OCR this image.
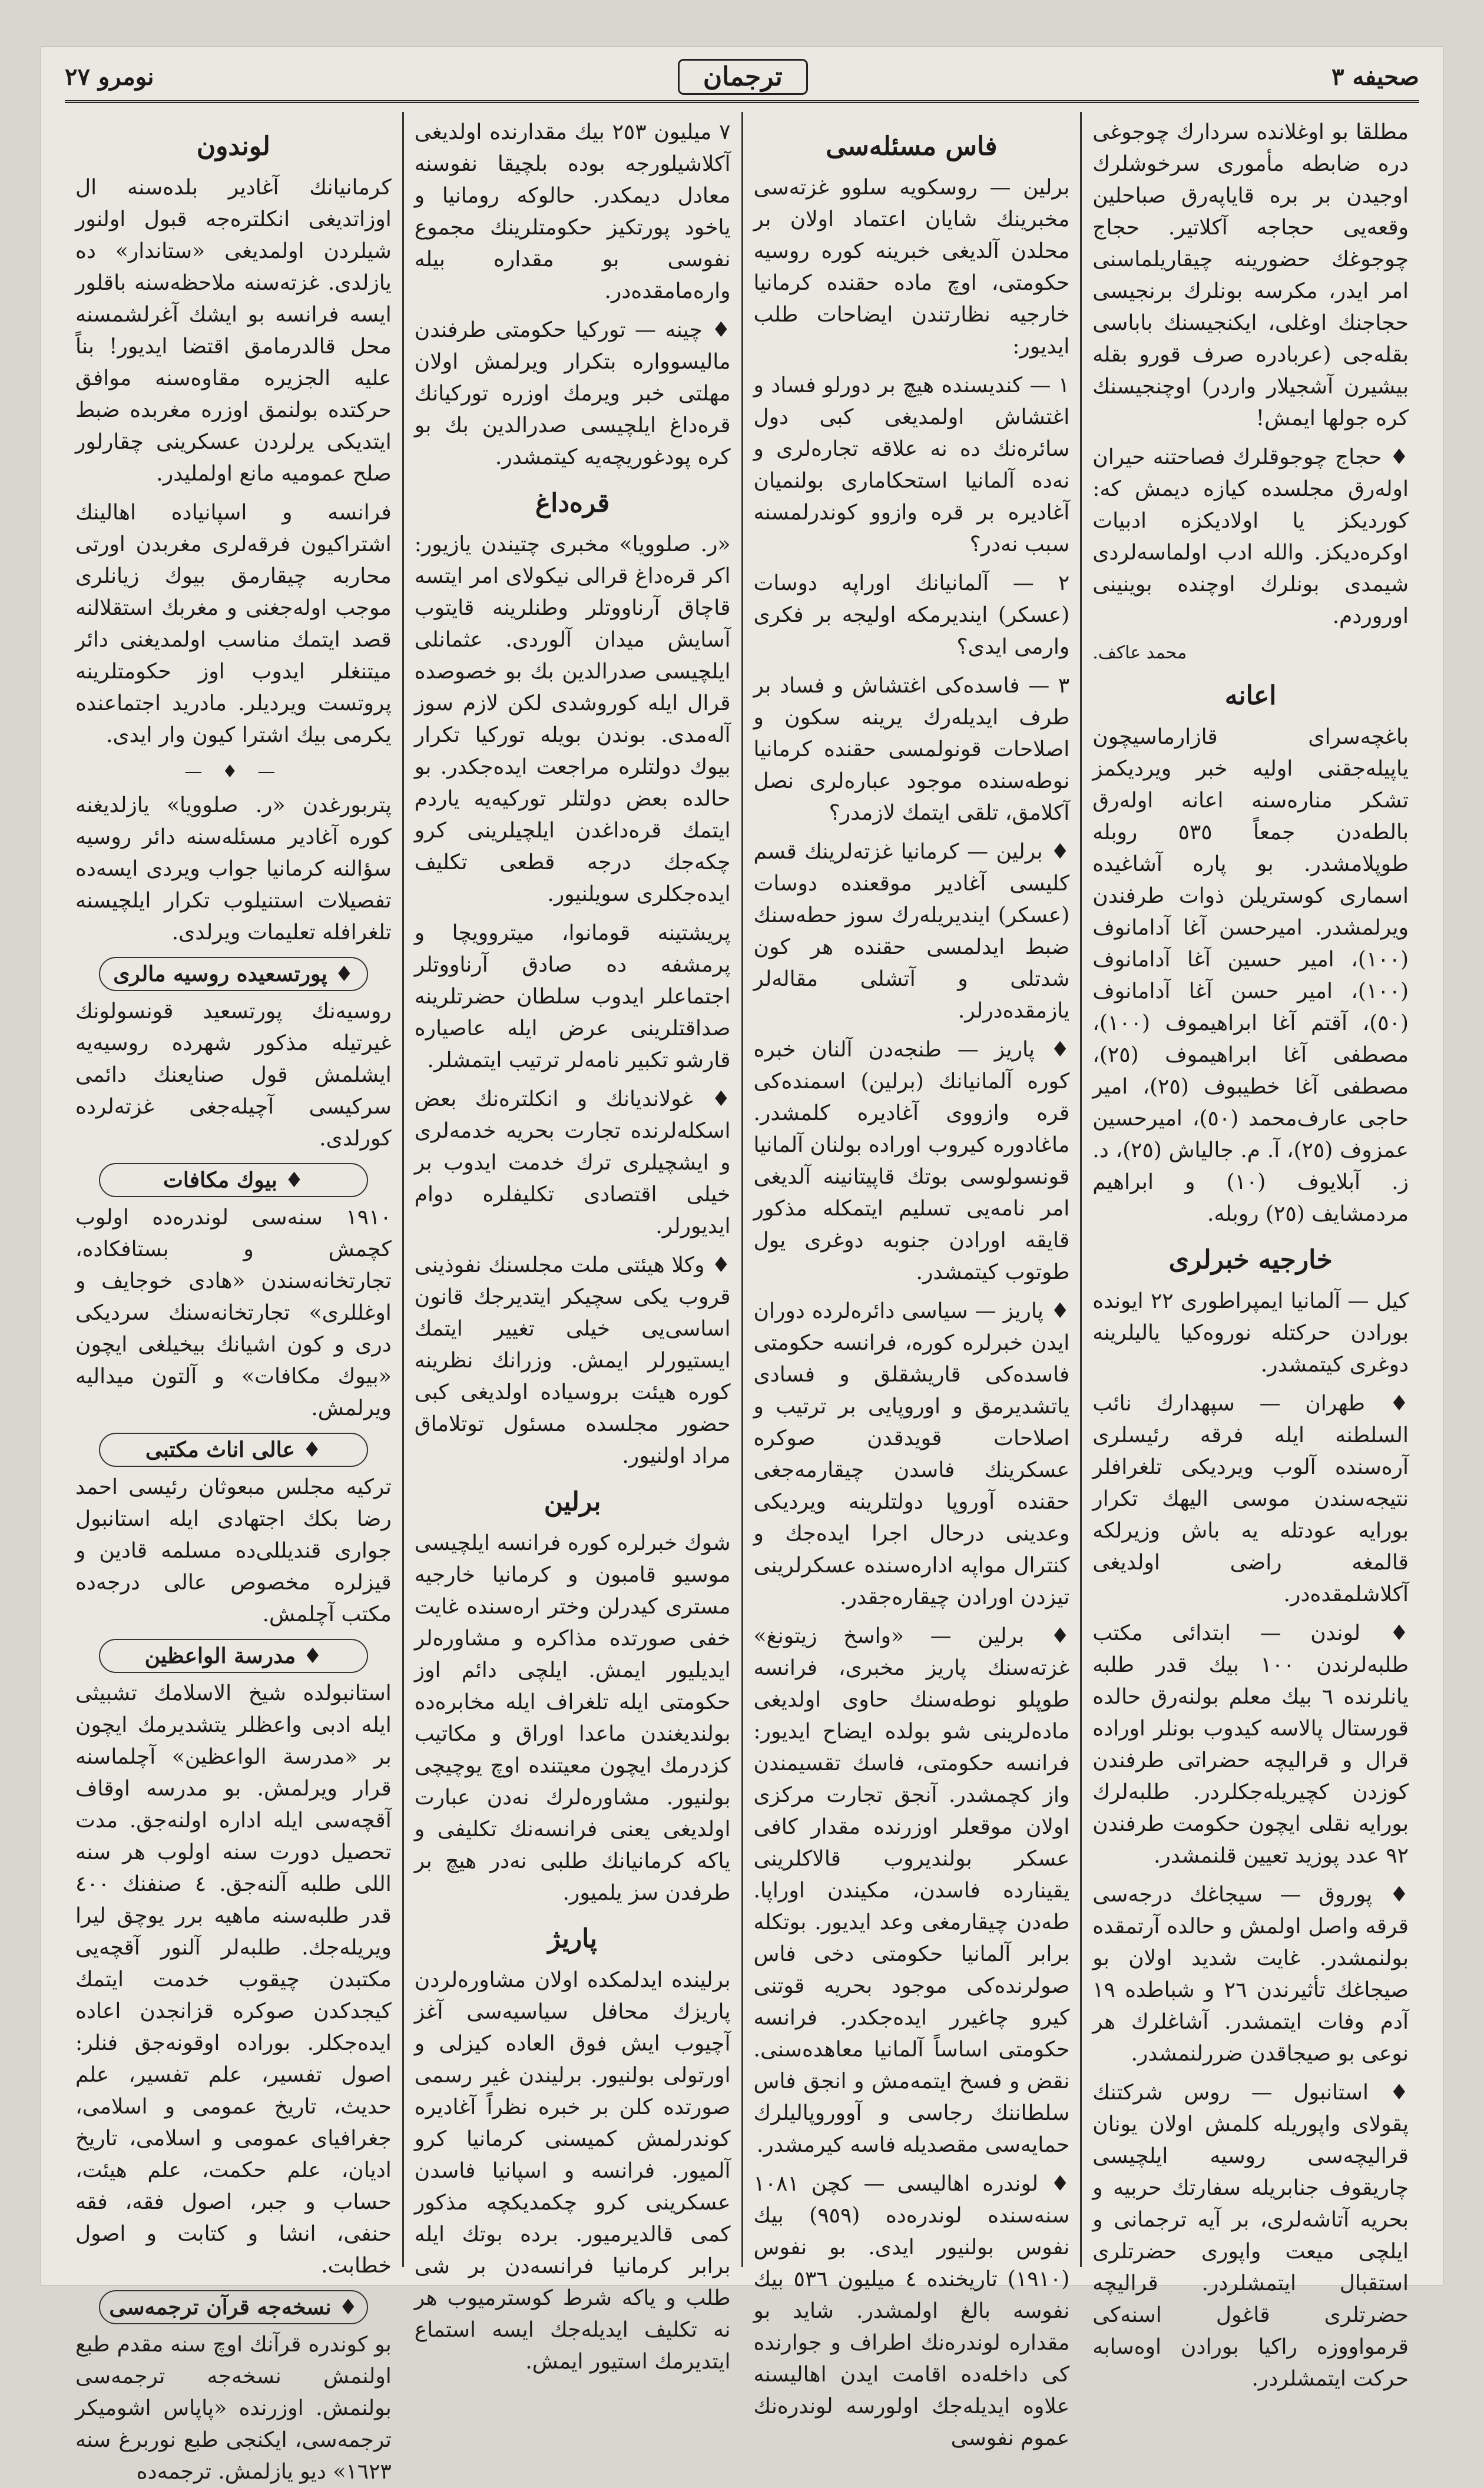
صحیفه ٣
ترجمان
نومرو ٢٧

مطلقا بو اوغلاندە سردارك چوجوغی دره ضابطه مأموری سرخوشلرك اوجیدن بر برە قایاپەرق صباحلین وقعەیی حجاجە آكلاتیر. حجاج چوجوغك حضورینە چیقاریلماسنی امر ایدر، مكرسە بونلرك برنجیسی حجاجنك اوغلی، ایكنجیسنك باباسی بقلەجی (عربادرە صرف قورو بقلە بیشیرن آشجیلار واردر) اوچنجیسنك كرە جولها ایمش!

♦ حجاج چوجوقلرك فصاحتنه حیران اولەرق مجلسدە كیازە دیمش كە: كوردیكز یا اولادیكزە ادبیات اوكرەدیكز. واللە ادب اولماسەلردی شیمدی بونلرك اوچندە بوینینی اوروردم.

محمد عاكف.
اعانه

باغچەسرای قازارماسیچون یاپیلەجقنی اولیه خبر ویردیكمز تشكر منارەسنه اعانه اولەرق بالطەدن جمعاً ٥٣٥ روبله طوپلامشدر. بو پارە آشاغیدە اسماری كوستریلن ذوات طرفندن ویرلمشدر. امیرحسن آغا آدامانوف (١٠٠)، امیر حسین آغا آدامانوف (١٠٠)، امیر حسن آغا آدامانوف (٥٠)، آقتم آغا ابراهیموف (١٠٠)، مصطفی آغا ابراهیموف (٢٥)، مصطفی آغا خطیبوف (٢٥)، امیر حاجی عارف‌محمد (٥٠)، امیرحسین عمزوف (٢٥)، آ. م. جالیاش (٢٥)، د. ز. آبلایوف (١٠) و ابراهیم مردمشایف (٢٥) روبله.

خارجیه خبرلری

كیل — آلمانیا ایمپراطوری ٢٢ ایونده بورادن حركتله نوروەكیا یالیلرینه دوغری كیتمشدر.

♦ طهران — سپهدارك نائب السلطنه ایله فرقه رئیسلری آرەسندە آلوب ویردیكی تلغرافلر نتیجەسندن موسی الیهك تكرار بورایه عودتله یە باش وزیرلكه قالمغە راضی اولدیغی آكلاشلمقدەدر.

♦ لوندن — ابتدائی مكتب طلبەلرندن ١٠٠ بیك قدر طلبه یانلرندە ٦ بیك معلم بولنەرق حالدە قورستال پالاسە كیدوب بونلر اورادە قرال و قرالیچە حضراتی طرفندن كوزدن كچیریلەجكلردر. طلبەلرك بورایه نقلی ایچون حكومت طرفندن ٩٢ عدد پوزید تعیین قلنمشدر.

♦ پوروق — سیجاغك درجەسی قرقه واصل اولمش و حالدە آرتمقدە بولنمشدر. غایت شدید اولان بو صیجاغك تأثیرندن ٢٦ و شباطدە ١٩ آدم وفات ایتمشدر. آشاغلرك هر نوعی بو صیجاقدن ضررلنمشدر.

♦ استانبول — روس شركتنك پقولای واپوریلە كلمش اولان یونان قرالیچەسی روسیە ایلچیسی چاریقوف جنابریلە سفارتك حربیه و بحریە آتاشەلری، بر آیه ترجمانی و ایلچی میعت واپوری حضرتلری استقبال ایتمشلردر. قرالیچە حضرتلری قاغول اسنەكی قرمواووزە راكیا بورادن اوەسابە حركت ایتمشلردر.

فاس مسئلەسی

برلین — روسكویە سلوو غزتەسی مخبرینك شایان اعتماد اولان بر محلدن آلدیغی خبرینە كورە روسیە حكومتی، اوچ مادە حقندە كرمانیا خارجیه نظارتندن ایضاحات طلب ایدیور:

١ — كندیسندە هیچ بر دورلو فساد و اغتشاش اولمدیغی كبی دول سائرەنك دە نه علاقە تجارەلری و نەدە آلمانیا استحكاماری بولنمیان آغادیره بر قره وازوو كوندرلمسنه سبب نەدر؟

٢ — آلمانیانك اوراپە دوسات (عسكر) ایندیرمكه اولیجه بر فكری وارمی ایدی؟

٣ — فاسدەكی اغتشاش و فساد بر طرف ایدیلەرك یرینه سكون و اصلاحات قونولمسی حقندە كرمانیا نوطەسندە موجود عبارەلری نصل آكلامق، تلقی ایتمك لازمدر؟

♦ برلین — كرمانیا غزتەلرینك قسم كلیسی آغادیر موقعندە دوسات (عسكر) ایندیریلەرك سوز حطەسنك ضبط ایدلمسی حقندە هر كون شدتلی و آتشلی مقالەلر یازمقدەدرلر.

♦ پاریز — طنجەدن آلنان خبرە كورە آلمانیانك (برلین) اسمندەكی قره وازووی آغادیره كلمشدر. ماغادوره كیروب اورادە بولنان آلمانیا قونسولوسی بوتك قاپیتانینە آلدیغی امر نامەیی تسلیم ایتمكله مذكور قایقه اورادن جنوبه دوغری یول طوتوب كیتمشدر.

♦ پاریز — سیاسی دائرەلردە دوران ایدن خبرلرە كورە، فرانسه حكومتی فاسدەكی قاریشقلق و فسادی یاتشدیرمق و اوروپایی بر ترتیب و اصلاحات قویدقدن صوكرە عسكرینك فاسدن چیقارمەجغی حقندە آوروپا دولتلرینه ویردیكی وعدینی درحال اجرا ایدەجك و كنترال مواپه ادارەسندە عسكرلرینی تیزدن اورادن چیقارەجقدر.

♦ برلین — «واسخ زیتونغ» غزتەسنك پاریز مخبری، فرانسه طوپلو نوطەسنك حاوی اولدیغی مادەلرینی شو بولدە ایضاح ایدیور: فرانسه حكومتی، فاسك تقسیمندن واز كچمشدر. آنجق تجارت مركزی اولان موقعلر اوزرندە مقدار كافی عسكر بولندیروب قالاكلرینی یقیناردە فاسدن، مكیندن اوراپا. طەدن چیقارمغی وعد ایدیور. بوتكله برابر آلمانیا حكومتی دخی فاس صولرندەكی موجود بحریه قوتنی كیرو چاغیرر ایدەجكدر. فرانسه حكومتی اساساً آلمانیا معاهدەسنی. نقض و فسخ ایتمەمش و انجق فاس سلطاننك رجاسی و آووروپالیلرك حمایەسی مقصدیله فاسه كیرمشدر.

♦ لوندرە اهالیسی — كچن ١٠٨١ سنەسندە لوندرەدە (٩٥٩) بیك نفوس بولنیور ایدی. بو نفوس (١٩١٠) تاریخندە ٤ میلیون ٥٣٦ بیك نفوسە بالغ اولمشدر. شاید بو مقدارە لوندرەنك اطراف و جوارندە كی داخلەدە اقامت ایدن اهالیسنه علاوە ایدیلەجك اولورسە لوندرەنك عموم نفوسی

٧ میلیون ٢٥٣ بیك مقدارندە اولدیغی آكلاشیلورجە بوده بلچیقا نفوسنه معادل دیمكدر. حالوكه رومانیا و یاخود پورتكیز حكومتلرینك مجموع نفوسی بو مقدارە بیلە وارەمامقدەدر.

♦ چینه — توركیا حكومتی طرفندن مالیسووارە بتكرار ویرلمش اولان مهلتی خبر ویرمك اوزرە توركیانك قرەداغ ایلچیسی صدرالدین بك بو كره پودغوریچەیه كیتمشدر.

قرەداغ

«ر. صلوویا» مخبری چتیندن یازیور: اكر قرەداغ قرالی نیكولای امر ایتسه قاچاق آرناووتلر وطنلرینه قایتوب آسایش میدان آلوردی. عثمانلی ایلچیسی صدرالدین بك بو خصوصدە قرال ایله كوروشدی لكن لازم سوز آلەمدی. بوندن بویله توركیا تكرار بیوك دولتلره مراجعت ایدەجكدر. بو حالدە بعض دولتلر توركیەیه یاردم ایتمك قرەداغدن ایلچیلرینی كرو چكەجك درجە قطعی تكلیف ایدەجكلری سویلنیور.

پریشتینە قومانوا، میتروویچا و پرمشفه دە صادق آرناووتلر اجتماعلر ایدوب سلطان حضرتلرینه صداقتلرینی عرض ایله عاصیارە قارشو تكبیر نامەلر ترتیب ایتمشلر.

♦ غولاندیانك و انكلترەنك بعض اسكلەلرندە تجارت بحریە خدمەلری و ایشچیلری ترك خدمت ایدوب بر خیلی اقتصادی تكلیفلرە دوام ایدیورلر.

♦ وكلا هیئتی ملت مجلسنك نفوذینی قروب یكی سچیكر ایتدیرجك قانون اساسی‌یی خیلی تغییر ایتمك ایستیورلر ایمش. وزرانك نظرینه كورە هیئت بروسیادە اولدیغی كبی حضور مجلسدە مسئول توتلاماق مراد اولنیور.

برلین

شوك خبرلرە كورە فرانسه ایلچیسی موسیو قامبون و كرمانیا خارجیه مستری كیدرلن وختر ارەسندە غایت خفی صورتدە مذاكرە و مشاورەلر ایدیلیور ایمش. ایلچی دائم اوز حكومتی ایله تلغراف ایله مخابرەدە بولندیغندن ماعدا اوراق و مكاتیب كزدرمك ایچون معیتندە اوچ یوچیچی بولنیور. مشاورەلرك نەدن عبارت اولدیغی یعنی فرانسەنك تكلیفی و یاكه كرمانیانك طلبی نەدر هیچ بر طرفدن سز یلمیور.

پاریژ

برلینده ایدلمكدە اولان مشاورەلردن پاریزك محافل سیاسیەسی آغز آچیوب ایش فوق العادە كیزلی و اورتولی بولنیور. برلیندن غیر رسمی صورتدە كلن بر خبرە نظراً آغادیره كوندرلمش كمیسنی كرمانیا كرو آلمیور. فرانسه و اسپانیا فاسدن عسكرینی كرو چكمدیكچه مذكور كمی قالدیرمیور. برده بوتك ایله برابر كرمانیا فرانسەدن بر شی طلب و یاكه شرط كوسترمیوب هر نه تكلیف ایدیلەجك ایسه استماع ایتدیرمك استیور ایمش.

لوندون

كرمانیانك آغادیر بلدەسنه ال اوزاتدیغی انكلترەجە قبول اولنور شیلردن اولمدیغی «ستاندار» دە یازلدی. غزتەسنه ملاحظەسنه باقلور ایسه فرانسه بو ایشك آغرلشمسنه محل قالدرمامق اقتضا ایدیور! بناً علیه الجزیرە مقاوەسنه موافق حركتده بولنمق اوزره مغربدە ضبط ایتدیكی یرلردن عسكرینی چقارلور صلح عمومیه مانع اولملیدر.

فرانسه و اسپانیادە اهالینك اشتراكیون فرقەلری مغربدن اورتی محاربە چیقارمق بیوك زیانلری موجب اولەجغنی و مغربك استقلالنه قصد ایتمك مناسب اولمدیغنی دا‌ئر میتنغلر ایدوب اوز حكومتلرینه پروتست ویردیلر. مادرید اجتماعندە یكرمی بیك اشترا كیون وار ایدی.

— ♦ —

پتربورغدن «ر. صلوویا» یازلدیغنه كورە آغادیر مسئلەسنه دائر روسیه سؤالنه كرمانیا جواب ویردی ایسەدە تفصیلات استنیلوب تكرار ایلچیسنه تلغرافله تعلیمات ویرلدی.

♦ پورتسعیدە روسیه مالری

روسیەنك پورتسعید قونسولونك غیرتیله مذكور شهردە روسیەیه ایشلمش قول صنا‌یعنك دائمی سركیسی آچیلەجغی غزتەلردە كورلدی.

♦ بیوك مكافات

١٩١٠ سنەسی لوندرەدە اولوب كچمش و بستافكادە، تجارتخانەسندن «هادی خوجایف و اوغللری» تجارتخانەسنك سردیكی دری و كون اشیانك بیخیلغی ایچون «بیوك مكافات» و آلتون میدالیه ویرلمش.

♦ عالی اناث مكتبی

تركیه مجلس مبعوثان رئیسی احمد رضا بكك اجتهادی ایله استانبول جواری قندیللی‌دە مسلمه قادین و قیزلره مخصوص عالی درجەدە مكتب آچلمش.

♦ مدرسة الواعظین

استانبولدە شیخ الاسلامك تشبیثی ایله ادبی واعظلر یتشدیرمك ایچون بر «مدرسة الواعظین» آچلماسنه قرار ویرلمش. بو مدرسه اوقاف آقچەسی ایله ادارە اولنەجق. مدت تحصیل دورت سنه اولوب هر سنه اللی طلبه آلنەجق. ٤ صنفنك ٤٠٠ قدر طلبەسنه ماهیه برر یوچق لیرا ویریلەجك. طلبەلر آلنور آقچەیی مكتبدن چیقوب خدمت ایتمك كیجدكدن صوكرە قزانجدن اعادە ایدەجكلر. بورادە اوقونەجق فنلر: اصول تفسیر، علم تفسیر، علم حدیث، تاریخ عمومی و اسلامی، جغرافیای عمومی و اسلامی، تاریخ ادیان، علم حكمت، علم هیئت، حساب و جبر، اصول فقه، فقه حنفی، انشا و كتابت و اصول خطابت.

♦ نسخەجه قرآن ترجمەسی

بو كوندرە قرآنك اوچ سنه مقدم طبع اولنمش نسخەجه ترجمەسی بولنمش. اوزرندە «پاپاس اشومیكر ترجمەسی، ایكنجی طبع نوربرغ سنه ١٦٢٣» دیو یازلمش. ترجمەده
